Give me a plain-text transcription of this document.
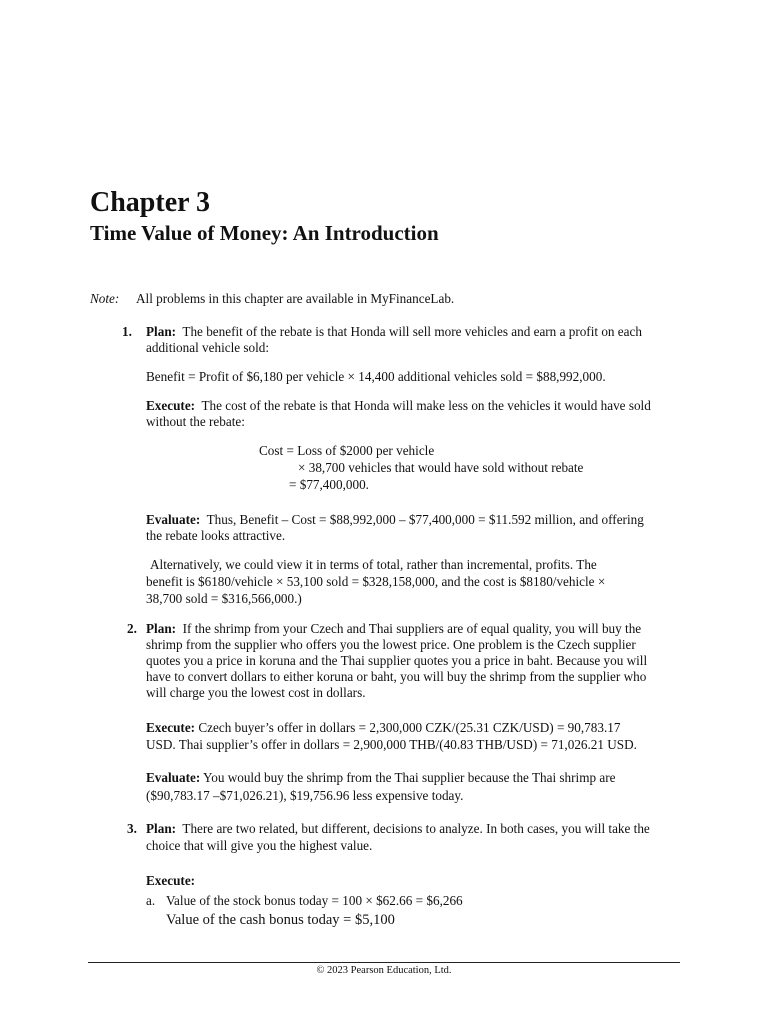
Chapter 3
Time Value of Money: An Introduction
Note: All problems in this chapter are available in MyFinanceLab.
1. Plan: The benefit of the rebate is that Honda will sell more vehicles and earn a profit on each
additional vehicle sold:
Benefit = Profit of $6,180 per vehicle × 14,400 additional vehicles sold = $88,992,000.
Execute: The cost of the rebate is that Honda will make less on the vehicles it would have sold
without the rebate:
Cost = Loss of $2000 per vehicle
× 38,700 vehicles that would have sold without rebate
= $77,400,000.
Evaluate: Thus, Benefit – Cost = $88,992,000 – $77,400,000 = $11.592 million, and offering
the rebate looks attractive.
Alternatively, we could view it in terms of total, rather than incremental, profits. The
benefit is $6180/vehicle × 53,100 sold = $328,158,000, and the cost is $8180/vehicle ×
38,700 sold = $316,566,000.)
2. Plan: If the shrimp from your Czech and Thai suppliers are of equal quality, you will buy the
shrimp from the supplier who offers you the lowest price. One problem is the Czech supplier
quotes you a price in koruna and the Thai supplier quotes you a price in baht. Because you will
have to convert dollars to either koruna or baht, you will buy the shrimp from the supplier who
will charge you the lowest cost in dollars.
Execute: Czech buyer’s offer in dollars = 2,300,000 CZK/(25.31 CZK/USD) = 90,783.17
USD. Thai supplier’s offer in dollars = 2,900,000 THB/(40.83 THB/USD) = 71,026.21 USD.
Evaluate: You would buy the shrimp from the Thai supplier because the Thai shrimp are
($90,783.17 –$71,026.21), $19,756.96 less expensive today.
3. Plan: There are two related, but different, decisions to analyze. In both cases, you will take the
choice that will give you the highest value.
Execute:
a. Value of the stock bonus today = 100 × $62.66 = $6,266
Value of the cash bonus today = $5,100
© 2023 Pearson Education, Ltd.
